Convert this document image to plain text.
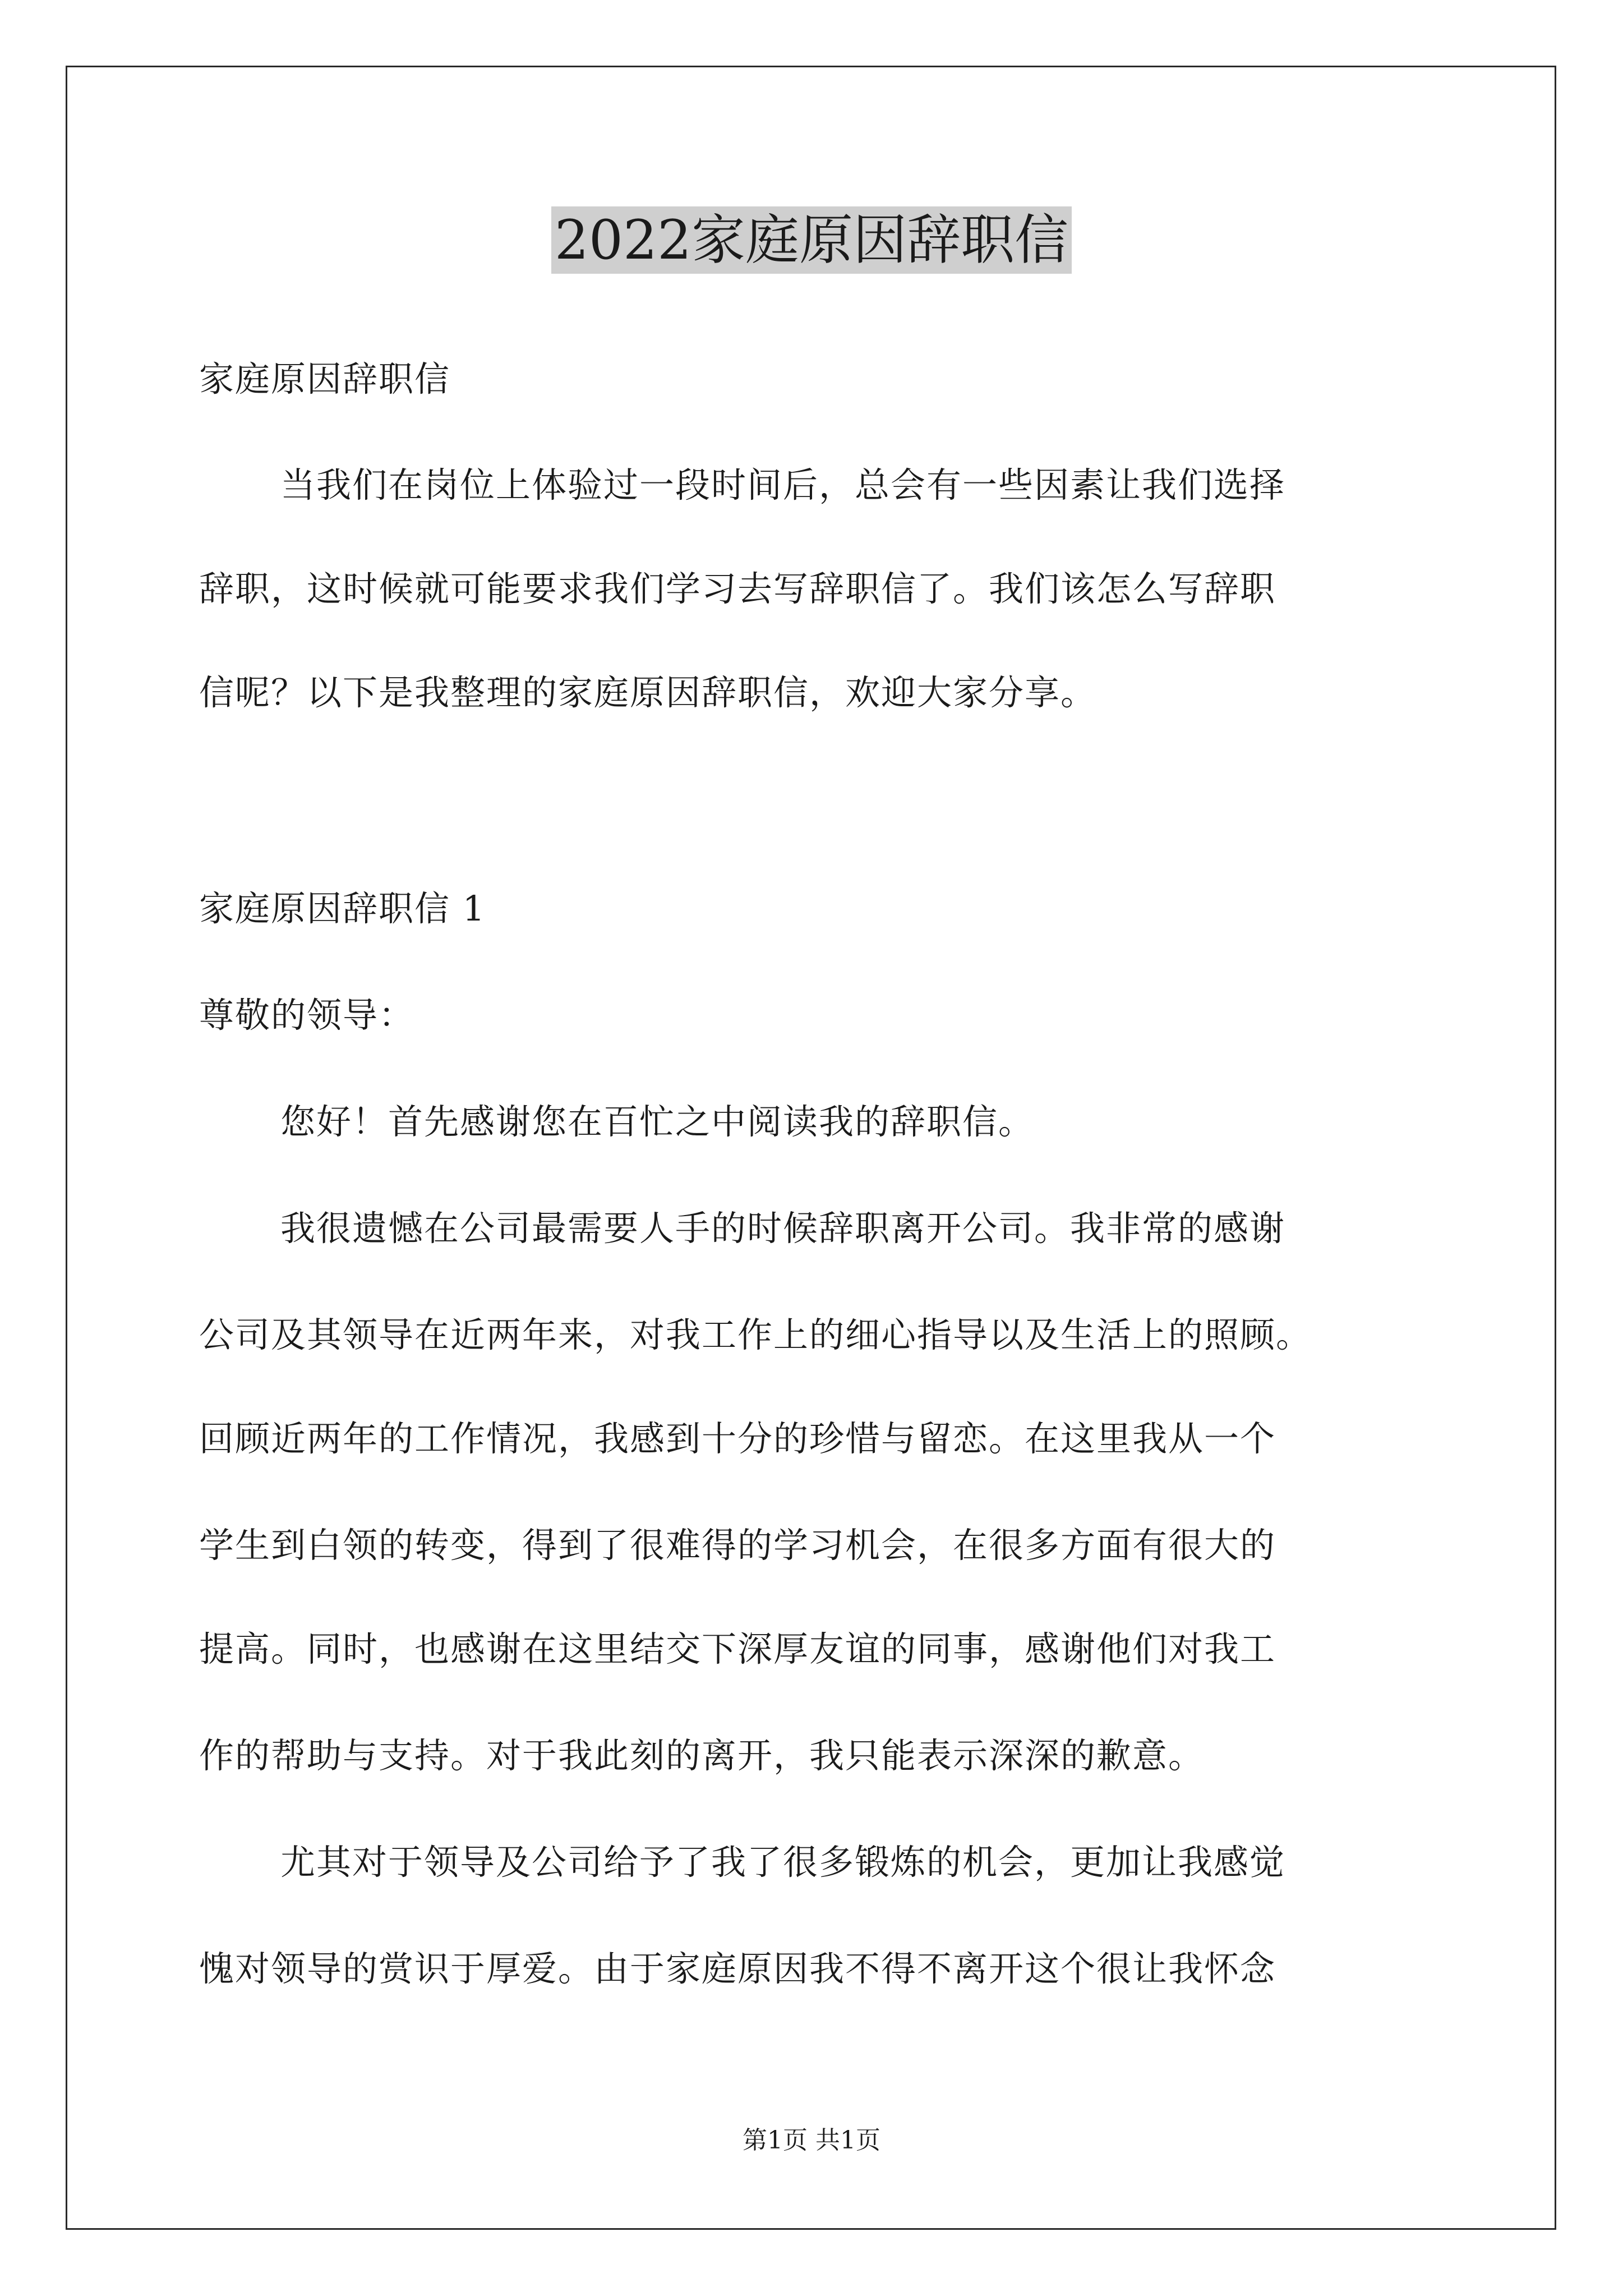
2022家庭原因辞职信
家庭原因辞职信
当我们在岗位上体验过一段时间后，总会有一些因素让我们选择
辞职，这时候就可能要求我们学习去写辞职信了。我们该怎么写辞职
信呢？以下是我整理的家庭原因辞职信，欢迎大家分享。
家庭原因辞职信 1
尊敬的领导：
您好！首先感谢您在百忙之中阅读我的辞职信。
我很遗憾在公司最需要人手的时候辞职离开公司。我非常的感谢
公司及其领导在近两年来，对我工作上的细心指导以及生活上的照顾。
回顾近两年的工作情况，我感到十分的珍惜与留恋。在这里我从一个
学生到白领的转变，得到了很难得的学习机会，在很多方面有很大的
提高。同时，也感谢在这里结交下深厚友谊的同事，感谢他们对我工
作的帮助与支持。对于我此刻的离开，我只能表示深深的歉意。
尤其对于领导及公司给予了我了很多锻炼的机会，更加让我感觉
愧对领导的赏识于厚爱。由于家庭原因我不得不离开这个很让我怀念
第1页 共1页
